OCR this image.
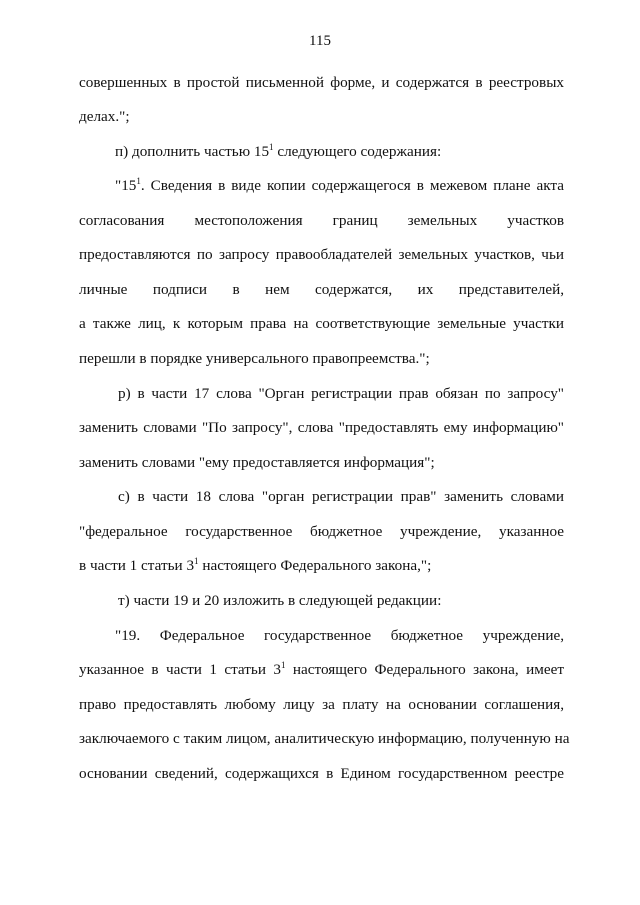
115
совершенных в простой письменной форме, и содержатся в реестровых
делах.";
п) дополнить частью $15^1$ следующего содержания:
"$15^1$. Сведения в виде копии содержащегося в межевом плане акта
согласования местоположения границ земельных участков
предоставляются по запросу правообладателей земельных участков, чьи
личные подписи в нем содержатся, их представителей,
а также лиц, к которым права на соответствующие земельные участки
перешли в порядке универсального правопреемства.";
р) в части 17 слова "Орган регистрации прав обязан по запросу"
заменить словами "По запросу", слова "предоставлять ему информацию"
заменить словами "ему предоставляется информация";
с) в части 18 слова "орган регистрации прав" заменить словами
"федеральное государственное бюджетное учреждение, указанное
в части 1 статьи $3^1$ настоящего Федерального закона,";
т) части 19 и 20 изложить в следующей редакции:
"19. Федеральное государственное бюджетное учреждение,
указанное в части 1 статьи $3^1$ настоящего Федерального закона, имеет
право предоставлять любому лицу за плату на основании соглашения,
заключаемого с таким лицом, аналитическую информацию, полученную на
основании сведений, содержащихся в Едином государственном реестре
